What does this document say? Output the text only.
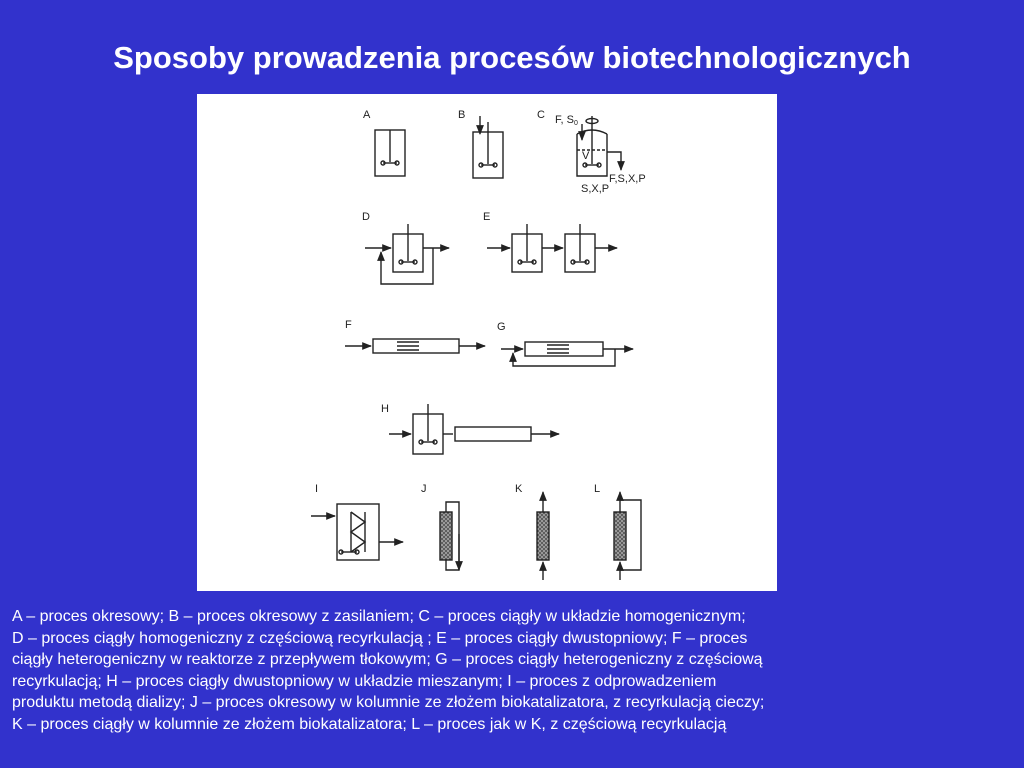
Sposoby prowadzenia procesów biotechnologicznych
A	B	C
D	E
F	G
H
I	J	K	L
F, S0
V
F,S,X,P
S,X,P
A – proces okresowy; B – proces okresowy z zasilaniem; C – proces ciągły w układzie homogenicznym;
D – proces ciągły homogeniczny z częściową recyrkulacją ; E – proces ciągły dwustopniowy; F – proces
ciągły heterogeniczny w reaktorze z przepływem tłokowym; G – proces ciągły heterogeniczny z częściową
recyrkulacją; H – proces ciągły dwustopniowy w układzie mieszanym; I – proces z odprowadzeniem
produktu metodą dializy; J – proces okresowy w kolumnie ze złożem biokatalizatora, z recyrkulacją cieczy;
K – proces ciągły w kolumnie ze złożem biokatalizatora; L – proces jak w K, z częściową recyrkulacją
